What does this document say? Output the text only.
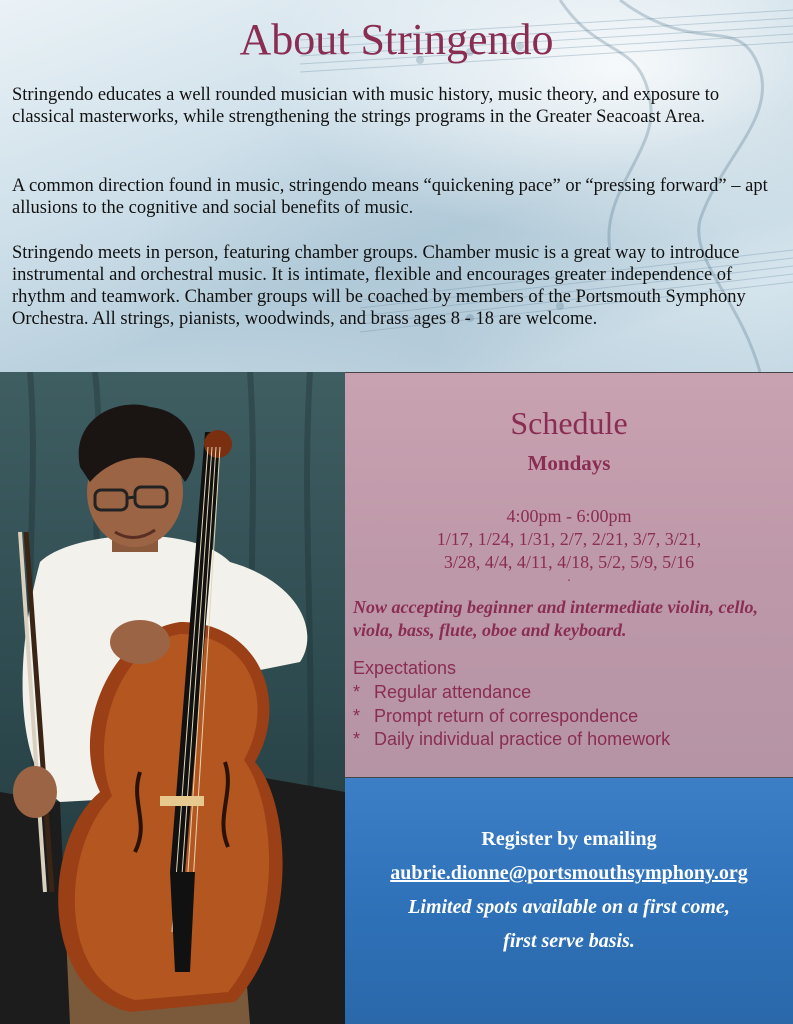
About Stringendo

Stringendo educates a well rounded musician with music history, music theory, and exposure to classical masterworks, while strengthening the strings programs in the Greater Seacoast Area.

A common direction found in music, stringendo means “quickening pace” or “pressing forward” – apt allusions to the cognitive and social benefits of music.

Stringendo meets in person, featuring chamber groups. Chamber music is a great way to introduce instrumental and orchestral music. It is intimate, flexible and encourages greater independence of rhythm and teamwork. Chamber groups will be coached by members of the Portsmouth Symphony Orchestra. All strings, pianists, woodwinds, and brass ages 8 - 18 are welcome.

Schedule
Mondays
4:00pm - 6:00pm
1/17, 1/24, 1/31, 2/7, 2/21, 3/7, 3/21,
3/28, 4/4, 4/11, 4/18, 5/2, 5/9, 5/16
.
Now accepting beginner and intermediate violin, cello, viola, bass, flute, oboe and keyboard.
Expectations
* Regular attendance
* Prompt return of correspondence
* Daily individual practice of homework
Register by emailing
aubrie.dionne@portsmouthsymphony.org
Limited spots available on a first come,
first serve basis.
